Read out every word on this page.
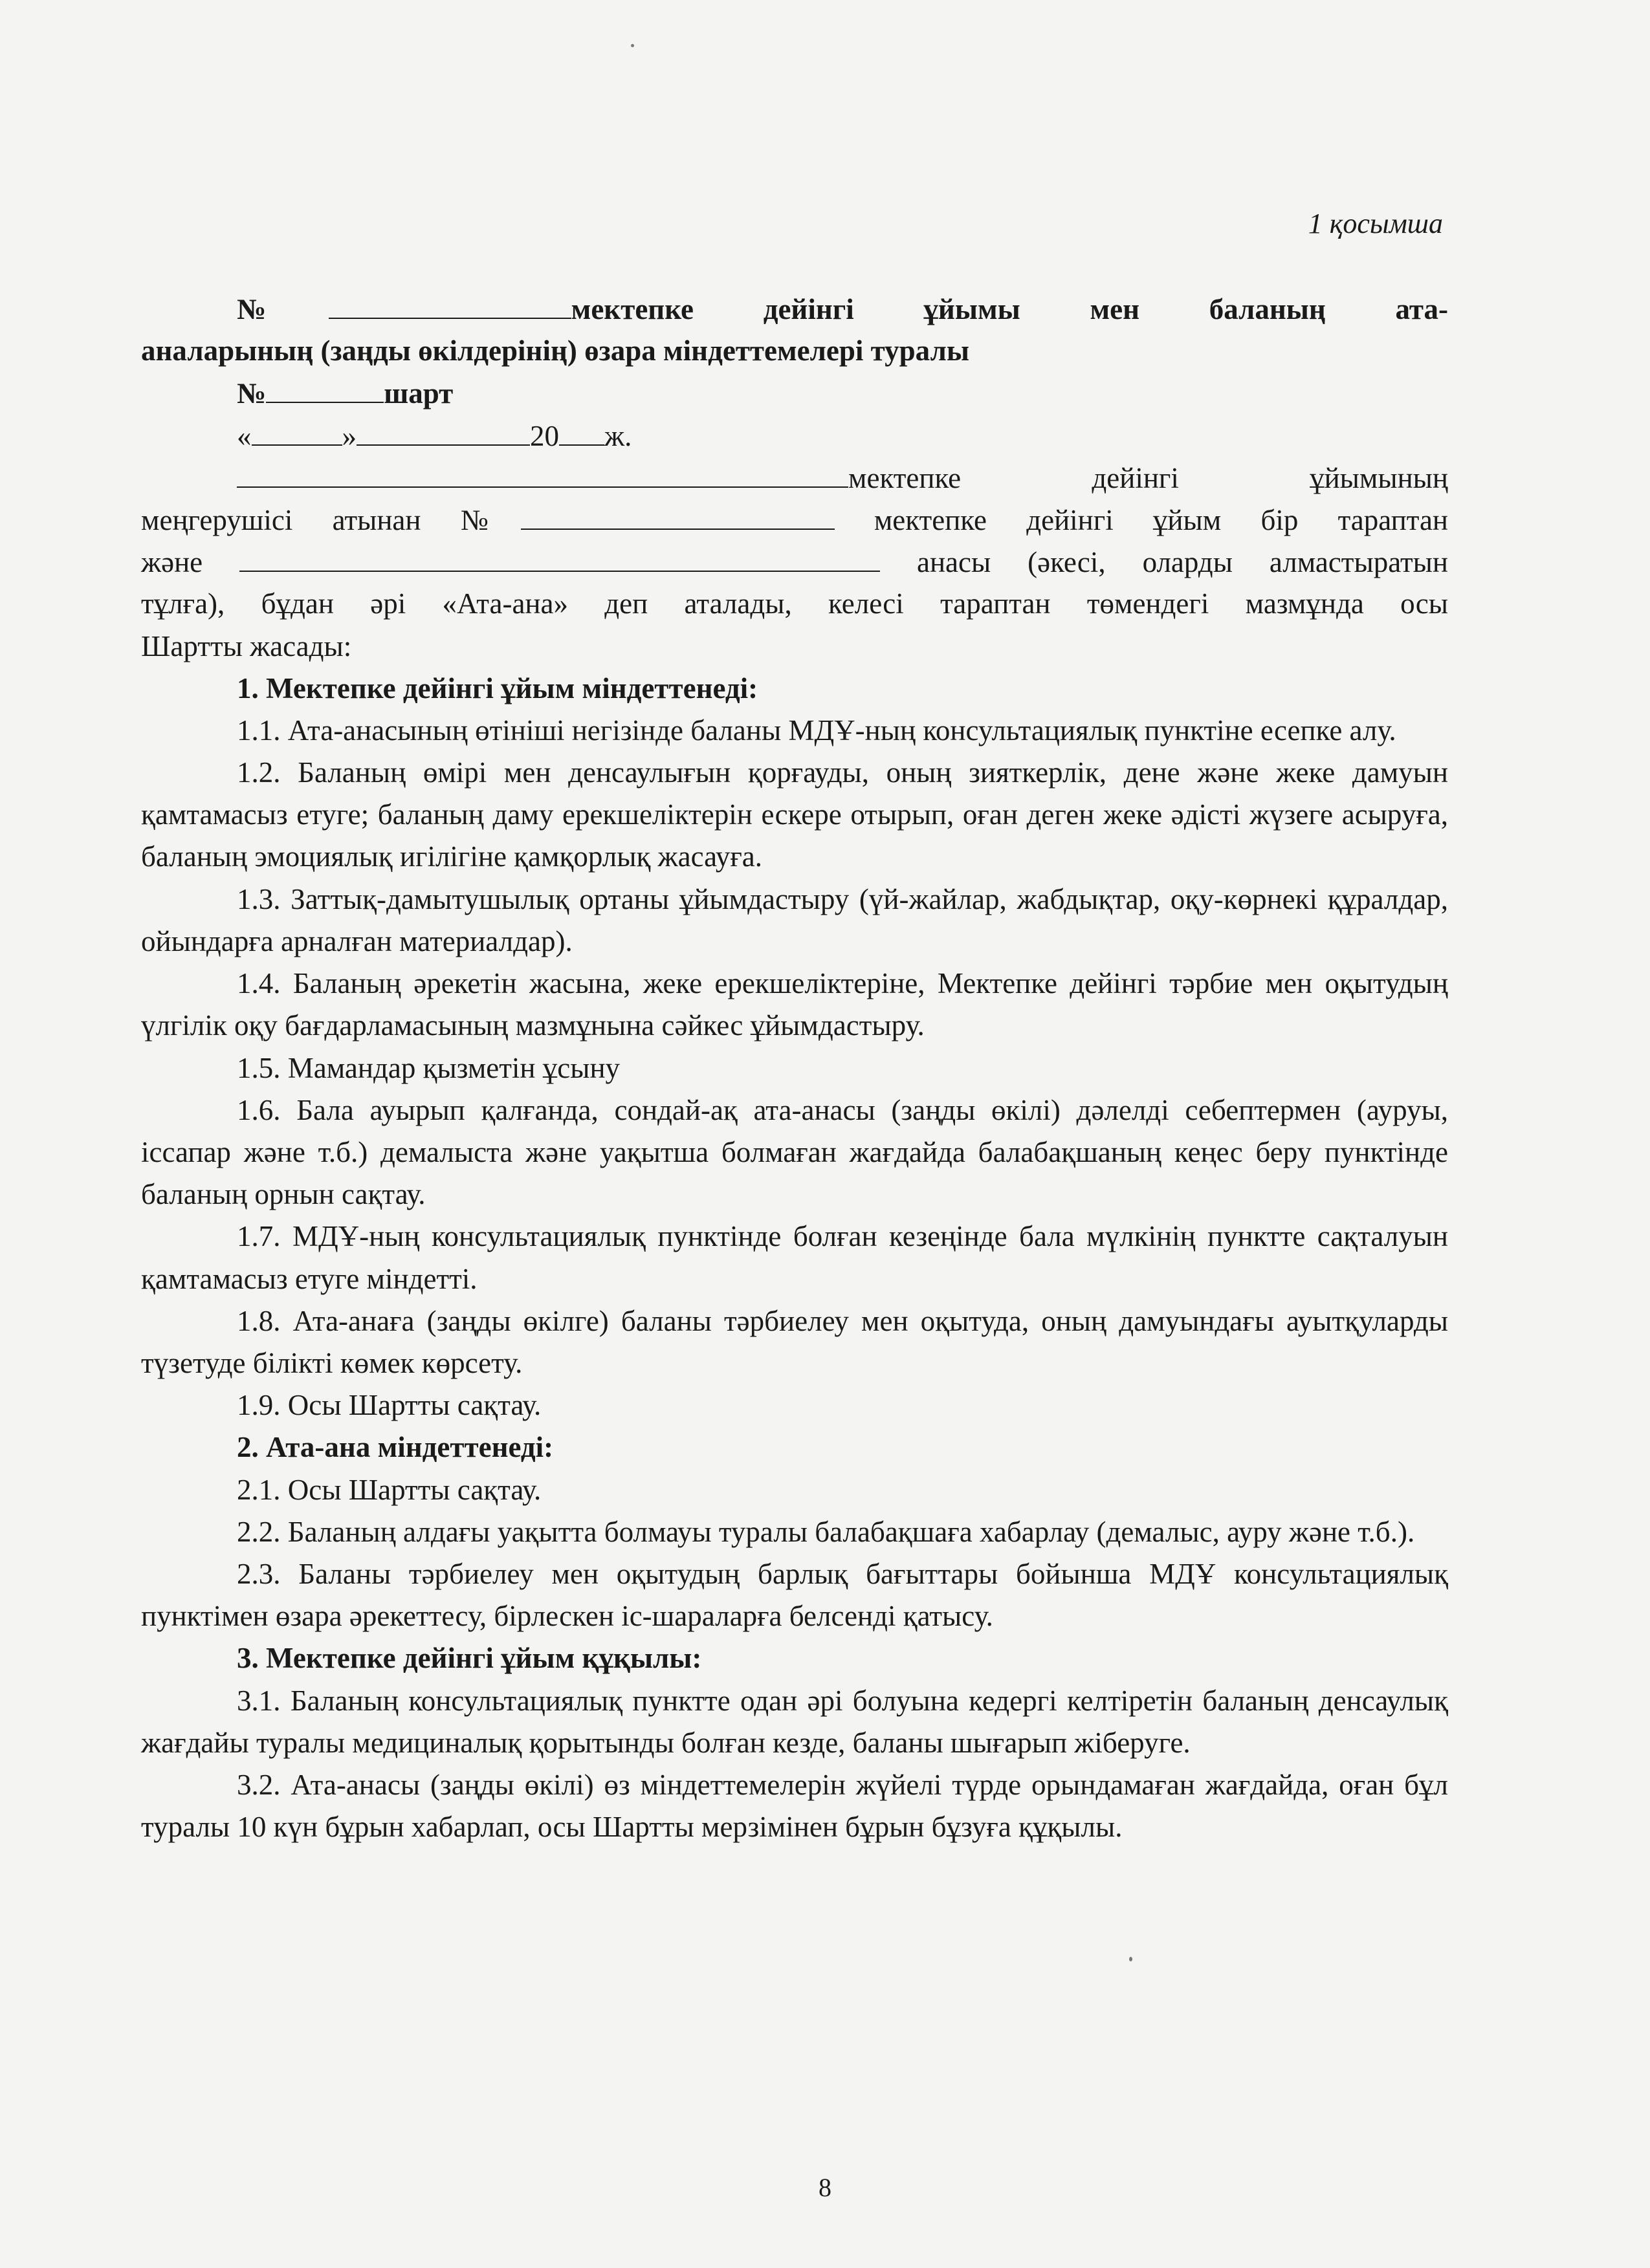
1 қосымша
№	мектепке дейінгі ұйымы мен баланың ата-
аналарының (заңды өкілдерінің) өзара міндеттемелері туралы
№	шарт
«	»	20 ж.
мектепке дейінгі ұйымының
меңгерушісі атынан №	мектепке дейінгі ұйым бір тараптан
және	анасы (әкесі, оларды алмастыратын
тұлға), бұдан әрі «Ата-ана» деп аталады, келесі тараптан төмендегі мазмұнда осы
Шартты жасады:
1. Мектепке дейінгі ұйым міндеттенеді:
1.1. Ата-анасының өтініші негізінде баланы МДҰ-ның консультациялық пунктіне есепке алу.
1.2. Баланың өмірі мен денсаулығын қорғауды, оның зияткерлік, дене және жеке дамуын қамтамасыз етуге; баланың даму ерекшеліктерін ескере отырып, оған деген жеке әдісті жүзеге асыруға, баланың эмоциялық игілігіне қамқорлық жасауға.
1.3. Заттық-дамытушылық ортаны ұйымдастыру (үй-жайлар, жабдықтар, оқу-көрнекі құралдар, ойындарға арналған материалдар).
1.4. Баланың әрекетін жасына, жеке ерекшеліктеріне, Мектепке дейінгі тәрбие мен оқытудың үлгілік оқу бағдарламасының мазмұнына сәйкес ұйымдастыру.
1.5. Мамандар қызметін ұсыну
1.6. Бала ауырып қалғанда, сондай-ақ ата-анасы (заңды өкілі) дәлелді себептермен (ауруы, іссапар және т.б.) демалыста және уақытша болмаған жағдайда балабақшаның кеңес беру пунктінде баланың орнын сақтау.
1.7. МДҰ-ның консультациялық пунктінде болған кезеңінде бала мүлкінің пунктте сақталуын қамтамасыз етуге міндетті.
1.8. Ата-анаға (заңды өкілге) баланы тәрбиелеу мен оқытуда, оның дамуындағы ауытқуларды түзетуде білікті көмек көрсету.
1.9. Осы Шартты сақтау.
2. Ата-ана міндеттенеді:
2.1. Осы Шартты сақтау.
2.2. Баланың алдағы уақытта болмауы туралы балабақшаға хабарлау (демалыс, ауру және т.б.).
2.3. Баланы тәрбиелеу мен оқытудың барлық бағыттары бойынша МДҰ консультациялық пунктімен өзара әрекеттесу, бірлескен іс-шараларға белсенді қатысу.
3. Мектепке дейінгі ұйым құқылы:
3.1. Баланың консультациялық пунктте одан әрі болуына кедергі келтіретін баланың денсаулық жағдайы туралы медициналық қорытынды болған кезде, баланы шығарып жіберуге.
3.2. Ата-анасы (заңды өкілі) өз міндеттемелерін жүйелі түрде орындамаған жағдайда, оған бұл туралы 10 күн бұрын хабарлап, осы Шартты мерзімінен бұрын бұзуға құқылы.
8
